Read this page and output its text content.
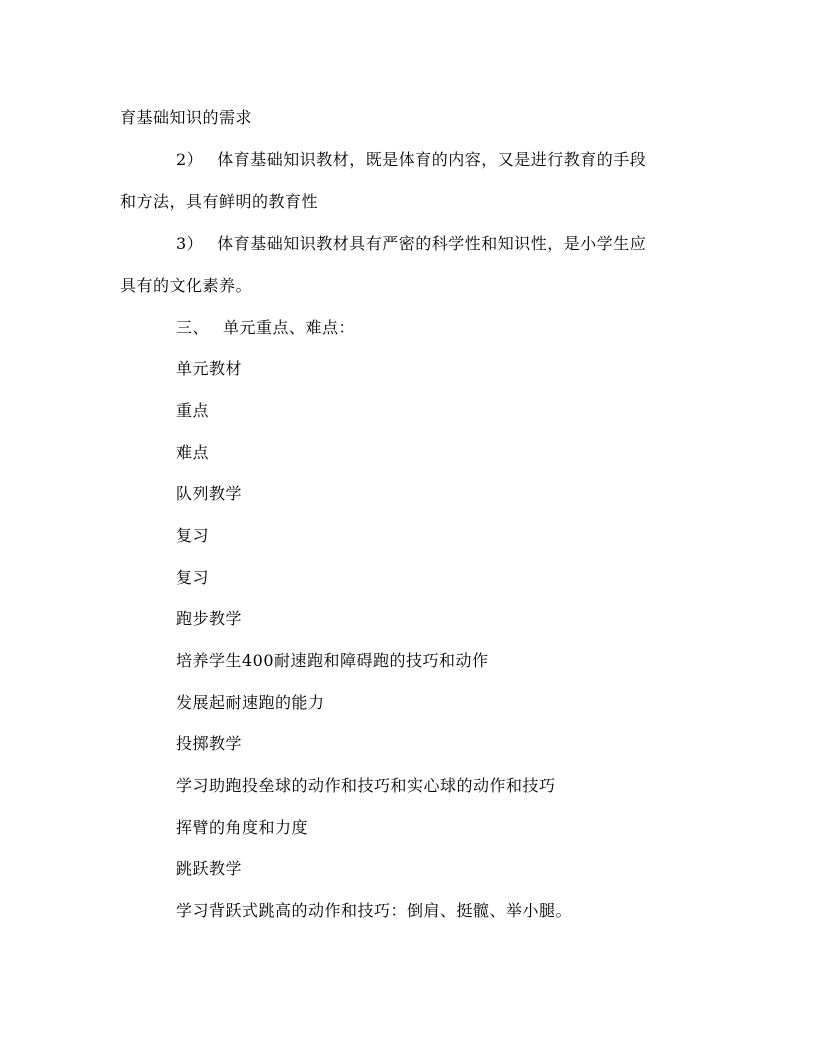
育基础知识的需求
2） 体育基础知识教材，既是体育的内容，又是进行教育的手段
和方法，具有鲜明的教育性
3） 体育基础知识教材具有严密的科学性和知识性，是小学生应
具有的文化素养。
三、 单元重点、难点：
单元教材
重点
难点
队列教学
复习
复习
跑步教学
培养学生400耐速跑和障碍跑的技巧和动作
发展起耐速跑的能力
投掷教学
学习助跑投垒球的动作和技巧和实心球的动作和技巧
挥臂的角度和力度
跳跃教学
学习背跃式跳高的动作和技巧：倒肩、挺髋、举小腿。
